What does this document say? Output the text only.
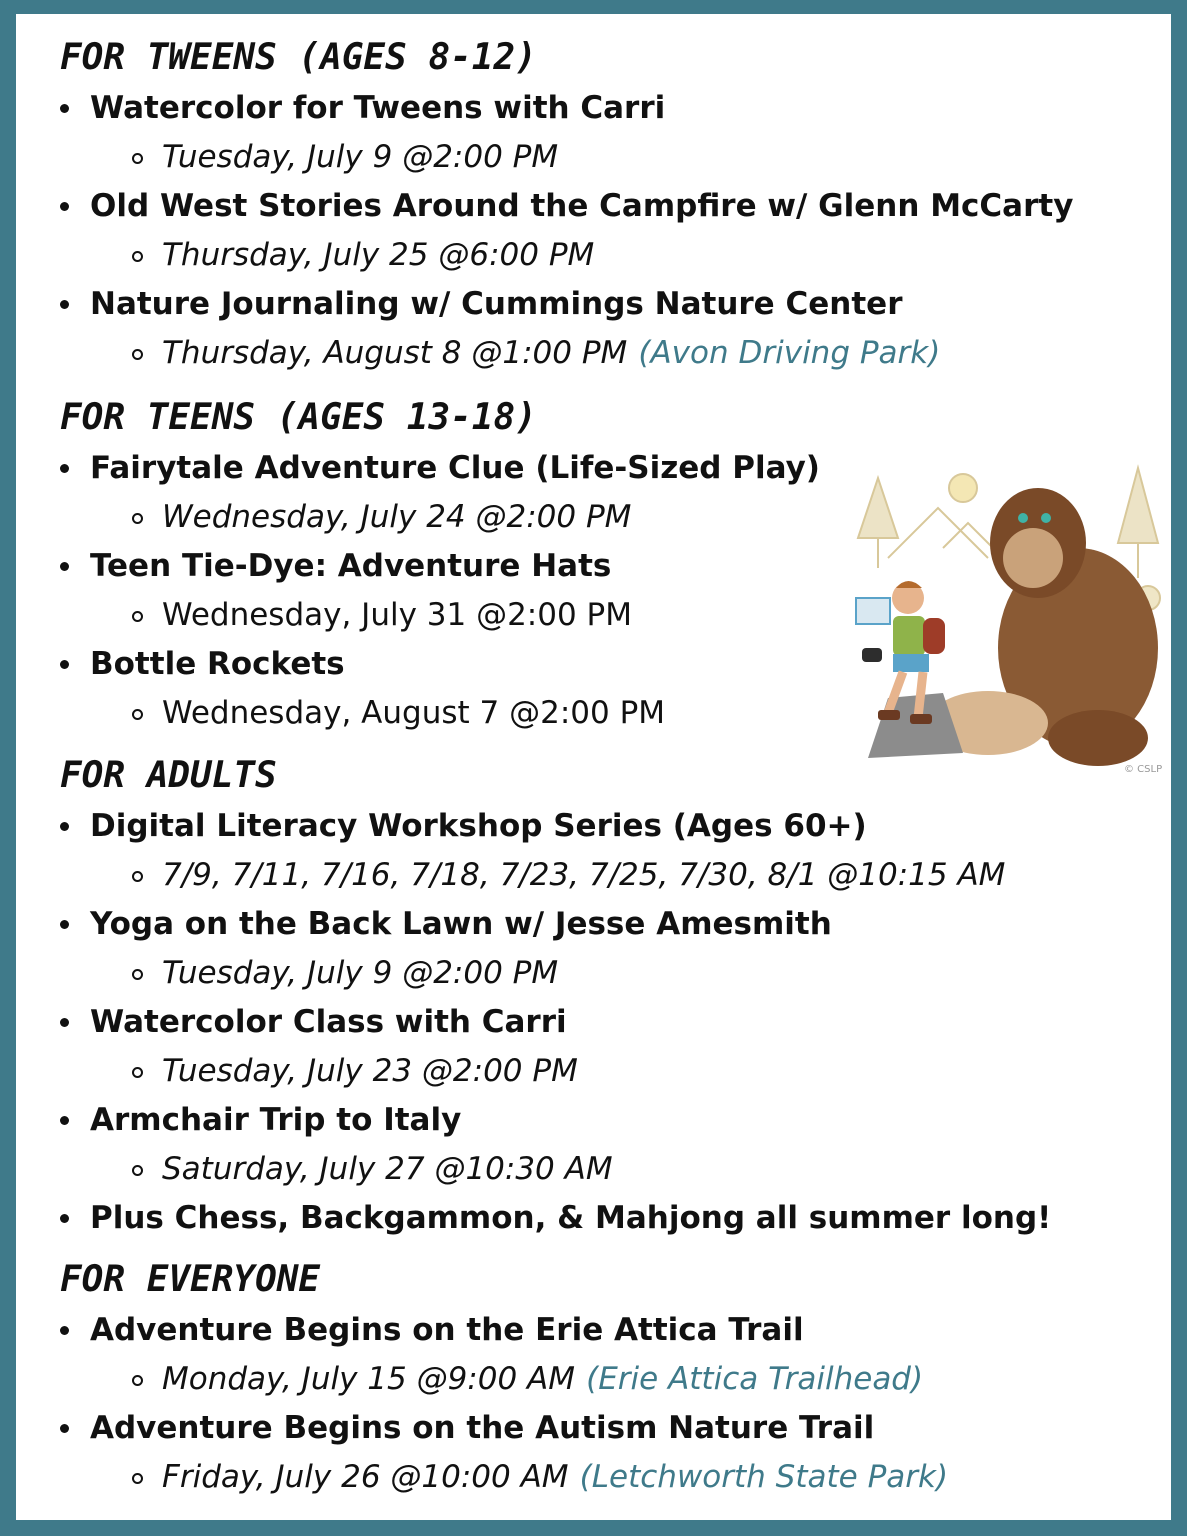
FOR TWEENS (AGES 8-12)
Watercolor for Tweens with Carri
Tuesday, July 9 @2:00 PM
Old West Stories Around the Campfire w/ Glenn McCarty
Thursday, July 25 @6:00 PM
Nature Journaling w/ Cummings Nature Center
Thursday, August 8 @1:00 PM (Avon Driving Park)
FOR TEENS (AGES 13-18)
Fairytale Adventure Clue (Life-Sized Play)
Wednesday, July 24 @2:00 PM
Teen Tie-Dye: Adventure Hats
Wednesday, July 31 @2:00 PM
Bottle Rockets
Wednesday, August 7 @2:00 PM
FOR ADULTS
Digital Literacy Workshop Series (Ages 60+)
7/9, 7/11, 7/16, 7/18, 7/23, 7/25, 7/30, 8/1 @10:15 AM
Yoga on the Back Lawn w/ Jesse Amesmith
Tuesday, July 9 @2:00 PM
Watercolor Class with Carri
Tuesday, July 23 @2:00 PM
Armchair Trip to Italy
Saturday, July 27 @10:30 AM
Plus Chess, Backgammon, & Mahjong all summer long!
FOR EVERYONE
Adventure Begins on the Erie Attica Trail
Monday, July 15 @9:00 AM (Erie Attica Trailhead)
Adventure Begins on the Autism Nature Trail
Friday, July 26 @10:00 AM (Letchworth State Park)
© CSLP
